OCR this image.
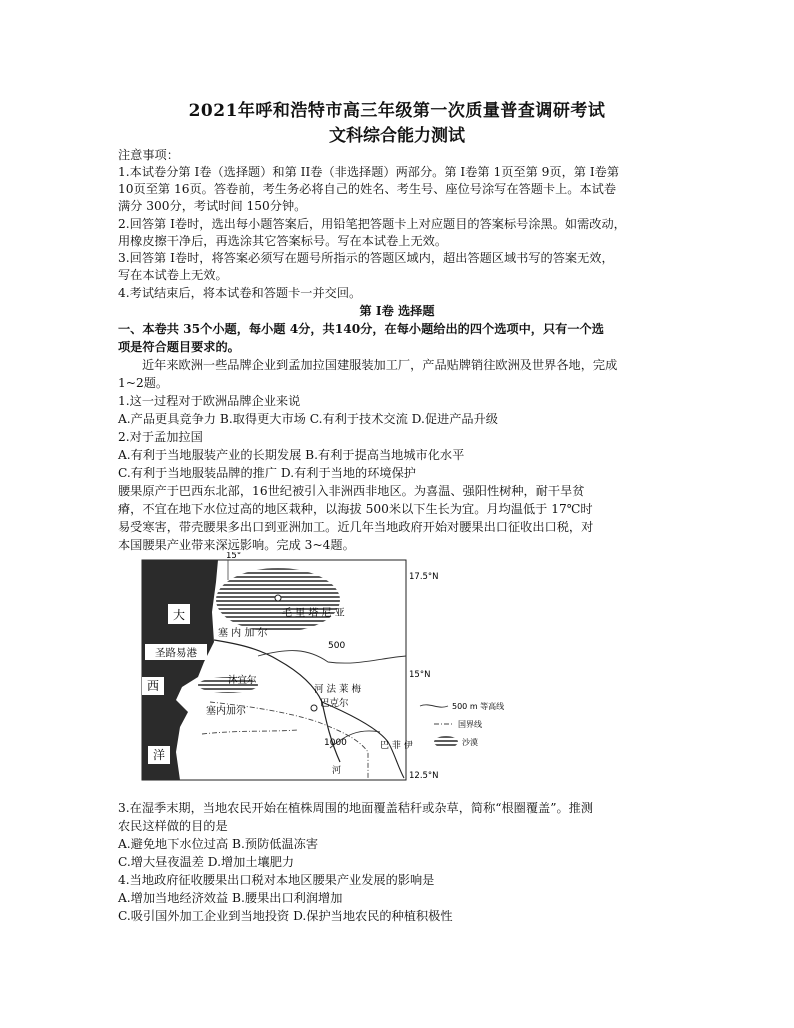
2021年呼和浩特市高三年级第一次质量普查调研考试
文科综合能力测试
注意事项：
1.本试卷分第 I卷（选择题）和第 II卷（非选择题）两部分。第 I卷第 1页至第 9页，第 I卷第
10页至第 16页。答卷前，考生务必将自己的姓名、考生号、座位号涂写在答题卡上。本试卷
满分 300分，考试时间 150分钟。
2.回答第 I卷时，选出每小题答案后，用铅笔把答题卡上对应题目的答案标号涂黑。如需改动，
用橡皮擦干净后，再选涂其它答案标号。写在本试卷上无效。
3.回答第 I卷时，将答案必须写在题号所指示的答题区域内，超出答题区域书写的答案无效，
写在本试卷上无效。
4.考试结束后，将本试卷和答题卡一并交回。
第 I卷 选择题
一、本卷共 35个小题，每小题 4分，共140分，在每小题给出的四个选项中，只有一个选
项是符合题目要求的。
近年来欧洲一些品牌企业到孟加拉国建服装加工厂，产品贴牌销往欧洲及世界各地，完成
1~2题。
1.这一过程对于欧洲品牌企业来说
A.产品更具竞争力 B.取得更大市场 C.有利于技术交流 D.促进产品升级
2.对于孟加拉国
A.有利于当地服装产业的长期发展 B.有利于提高当地城市化水平
C.有利于当地服装品牌的推广 D.有利于当地的环境保护
腰果原产于巴西东北部，16世纪被引入非洲西非地区。为喜温、强阳性树种，耐干旱贫
瘠，不宜在地下水位过高的地区栽种，以海拔 500米以下生长为宜。月均温低于 17℃时
易受寒害，带壳腰果多出口到亚洲加工。近几年当地政府开始对腰果出口征收出口税，对
本国腰果产业带来深远影响。完成 3~4题。
大
圣路易港
西
洋
15°
17.5°N
15°N
12.5°N
毛 里 塔 尼 亚
塞 内 加 尔
沐宜尔
塞内加尔
河 法 莱 梅
巴克尔
河
巴 菲 伊
500
1000
500 m 等高线
国界线
沙漠
3.在湿季末期，当地农民开始在植株周围的地面覆盖秸秆或杂草，简称“根圈覆盖”。推测
农民这样做的目的是
A.避免地下水位过高 B.预防低温冻害
C.增大昼夜温差 D.增加土壤肥力
4.当地政府征收腰果出口税对本地区腰果产业发展的影响是
A.增加当地经济效益 B.腰果出口利润增加
C.吸引国外加工企业到当地投资 D.保护当地农民的种植积极性
